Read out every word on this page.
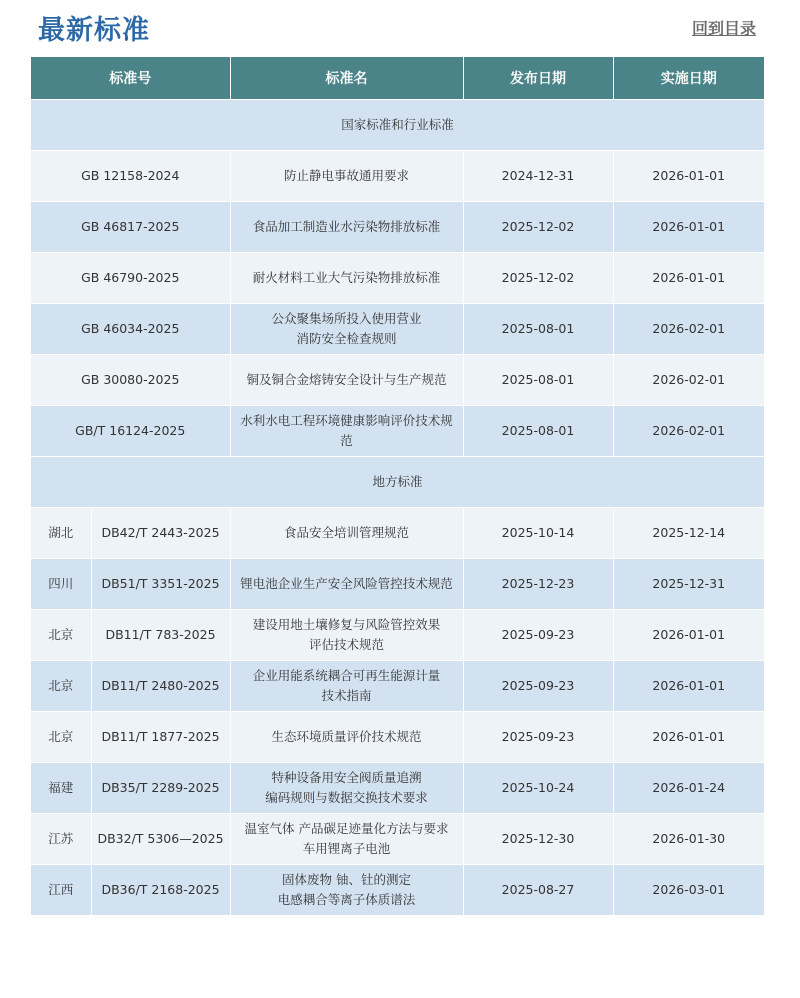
最新标准	回到目录
标准号		标准名	发布日期	实施日期
国家标准和行业标准				
GB 12158-2024		防止静电事故通用要求	2024-12-31	2026-01-01
GB 46817-2025		食品加工制造业水污染物排放标准	2025-12-02	2026-01-01
GB 46790-2025		耐火材料工业大气污染物排放标准	2025-12-02	2026-01-01
GB 46034-2025		公众聚集场所投入使用营业
消防安全检查规则	2025-08-01	2026-02-01
GB 30080-2025		铜及铜合金熔铸安全设计与生产规范	2025-08-01	2026-02-01
GB/T 16124-2025		水利水电工程环境健康影响评价技术规范	2025-08-01	2026-02-01
地方标准				
湖北	DB42/T 2443-2025	食品安全培训管理规范	2025-10-14	2025-12-14
四川	DB51/T 3351-2025	锂电池企业生产安全风险管控技术规范	2025-12-23	2025-12-31
北京	DB11/T 783-2025	建设用地土壤修复与风险管控效果
评估技术规范	2025-09-23	2026-01-01
北京	DB11/T 2480-2025	企业用能系统耦合可再生能源计量
技术指南	2025-09-23	2026-01-01
北京	DB11/T 1877-2025	生态环境质量评价技术规范	2025-09-23	2026-01-01
福建	DB35/T 2289-2025	特种设备用安全阀质量追溯
编码规则与数据交换技术要求	2025-10-24	2026-01-24
江苏	DB32/T 5306—2025	温室气体 产品碳足迹量化方法与要求
车用锂离子电池	2025-12-30	2026-01-30
江西	DB36/T 2168-2025	固体废物 铀、钍的测定
电感耦合等离子体质谱法	2025-08-27	2026-03-01
